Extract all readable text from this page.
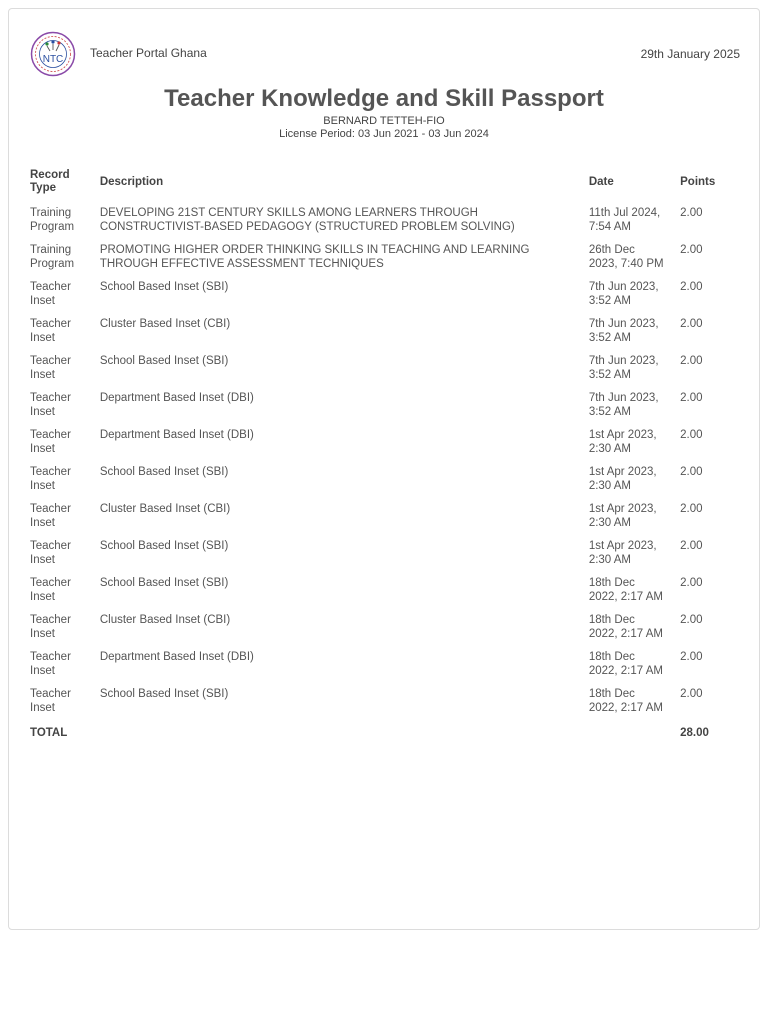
NTC Teacher Portal Ghana	29th January 2025
Teacher Knowledge and Skill Passport
BERNARD TETTEH-FIO
License Period: 03 Jun 2021 - 03 Jun 2024
Record Type	Description	Date	Points
Training Program	DEVELOPING 21ST CENTURY SKILLS AMONG LEARNERS THROUGH CONSTRUCTIVIST-BASED PEDAGOGY (STRUCTURED PROBLEM SOLVING)	11th Jul 2024, 7:54 AM	2.00
Training Program	PROMOTING HIGHER ORDER THINKING SKILLS IN TEACHING AND LEARNING THROUGH EFFECTIVE ASSESSMENT TECHNIQUES	26th Dec 2023, 7:40 PM	2.00
Teacher Inset	School Based Inset (SBI)	7th Jun 2023, 3:52 AM	2.00
Teacher Inset	Cluster Based Inset (CBI)	7th Jun 2023, 3:52 AM	2.00
Teacher Inset	School Based Inset (SBI)	7th Jun 2023, 3:52 AM	2.00
Teacher Inset	Department Based Inset (DBI)	7th Jun 2023, 3:52 AM	2.00
Teacher Inset	Department Based Inset (DBI)	1st Apr 2023, 2:30 AM	2.00
Teacher Inset	School Based Inset (SBI)	1st Apr 2023, 2:30 AM	2.00
Teacher Inset	Cluster Based Inset (CBI)	1st Apr 2023, 2:30 AM	2.00
Teacher Inset	School Based Inset (SBI)	1st Apr 2023, 2:30 AM	2.00
Teacher Inset	School Based Inset (SBI)	18th Dec 2022, 2:17 AM	2.00
Teacher Inset	Cluster Based Inset (CBI)	18th Dec 2022, 2:17 AM	2.00
Teacher Inset	Department Based Inset (DBI)	18th Dec 2022, 2:17 AM	2.00
Teacher Inset	School Based Inset (SBI)	18th Dec 2022, 2:17 AM	2.00
TOTAL			28.00
